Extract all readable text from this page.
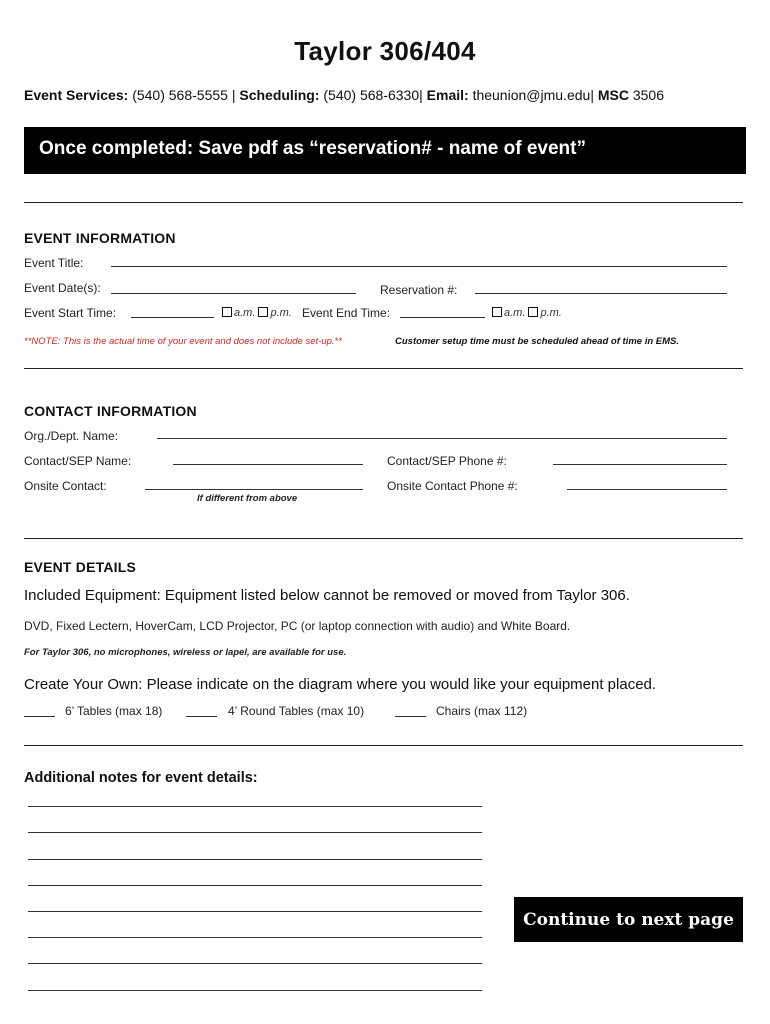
Taylor 306/404
Event Services: (540) 568-5555 | Scheduling: (540) 568-6330| Email: theunion@jmu.edu| MSC 3506
Once completed: Save pdf as “reservation# - name of event”
EVENT INFORMATION
Event Title:
Event Date(s):	Reservation #:
Event Start Time:	a.m. p.m. Event End Time:	a.m. p.m.
**NOTE: This is the actual time of your event and does not include set-up.**	Customer setup time must be scheduled ahead of time in EMS.
CONTACT INFORMATION
Org./Dept. Name:
Contact/SEP Name:	Contact/SEP Phone #:
Onsite Contact:	Onsite Contact Phone #:
If different from above
EVENT DETAILS
Included Equipment: Equipment listed below cannot be removed or moved from Taylor 306.
DVD, Fixed Lectern, HoverCam, LCD Projector, PC (or laptop connection with audio) and White Board.
For Taylor 306, no microphones, wireless or lapel, are available for use.
Create Your Own: Please indicate on the diagram where you would like your equipment placed.
6’ Tables (max 18)	4’ Round Tables (max 10)	Chairs (max 112)
Additional notes for event details:
Continue to next page
